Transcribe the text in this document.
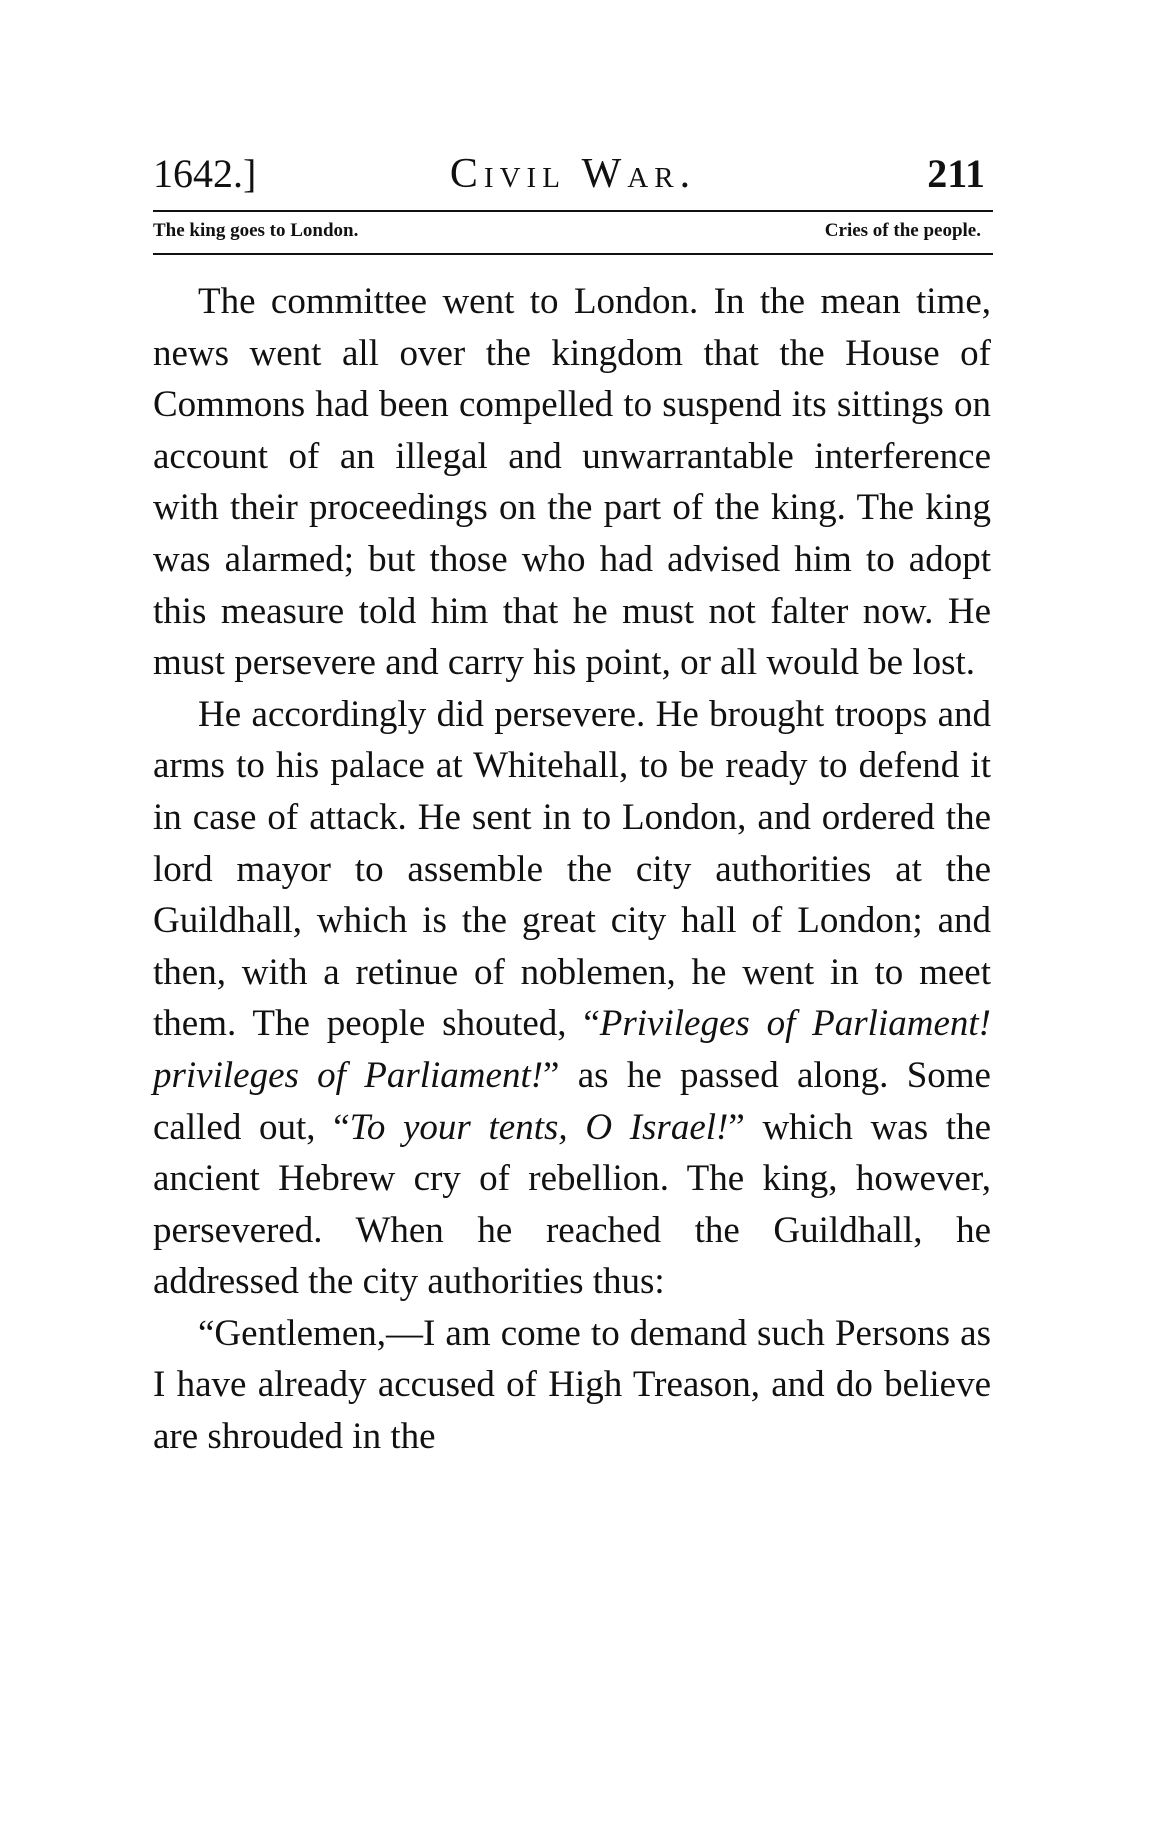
1642.]	Civil War.	211
The king goes to London.	Cries of the people.

The committee went to London. In the mean time, news went all over the kingdom that the House of Commons had been compelled to suspend its sittings on account of an illegal and unwarrantable interference with their proceedings on the part of the king. The king was alarmed; but those who had advised him to adopt this measure told him that he must not falter now. He must persevere and carry his point, or all would be lost.

He accordingly did persevere. He brought troops and arms to his palace at Whitehall, to be ready to defend it in case of attack. He sent in to London, and ordered the lord mayor to assemble the city authorities at the Guildhall, which is the great city hall of London; and then, with a retinue of noblemen, he went in to meet them. The people shouted, “Privileges of Parliament! privileges of Parliament!” as he passed along. Some called out, “To your tents, O Israel!” which was the ancient Hebrew cry of rebellion. The king, however, persevered. When he reached the Guildhall, he addressed the city authorities thus:

“Gentlemen,—I am come to demand such Persons as I have already accused of High Treason, and do believe are shrouded in the
